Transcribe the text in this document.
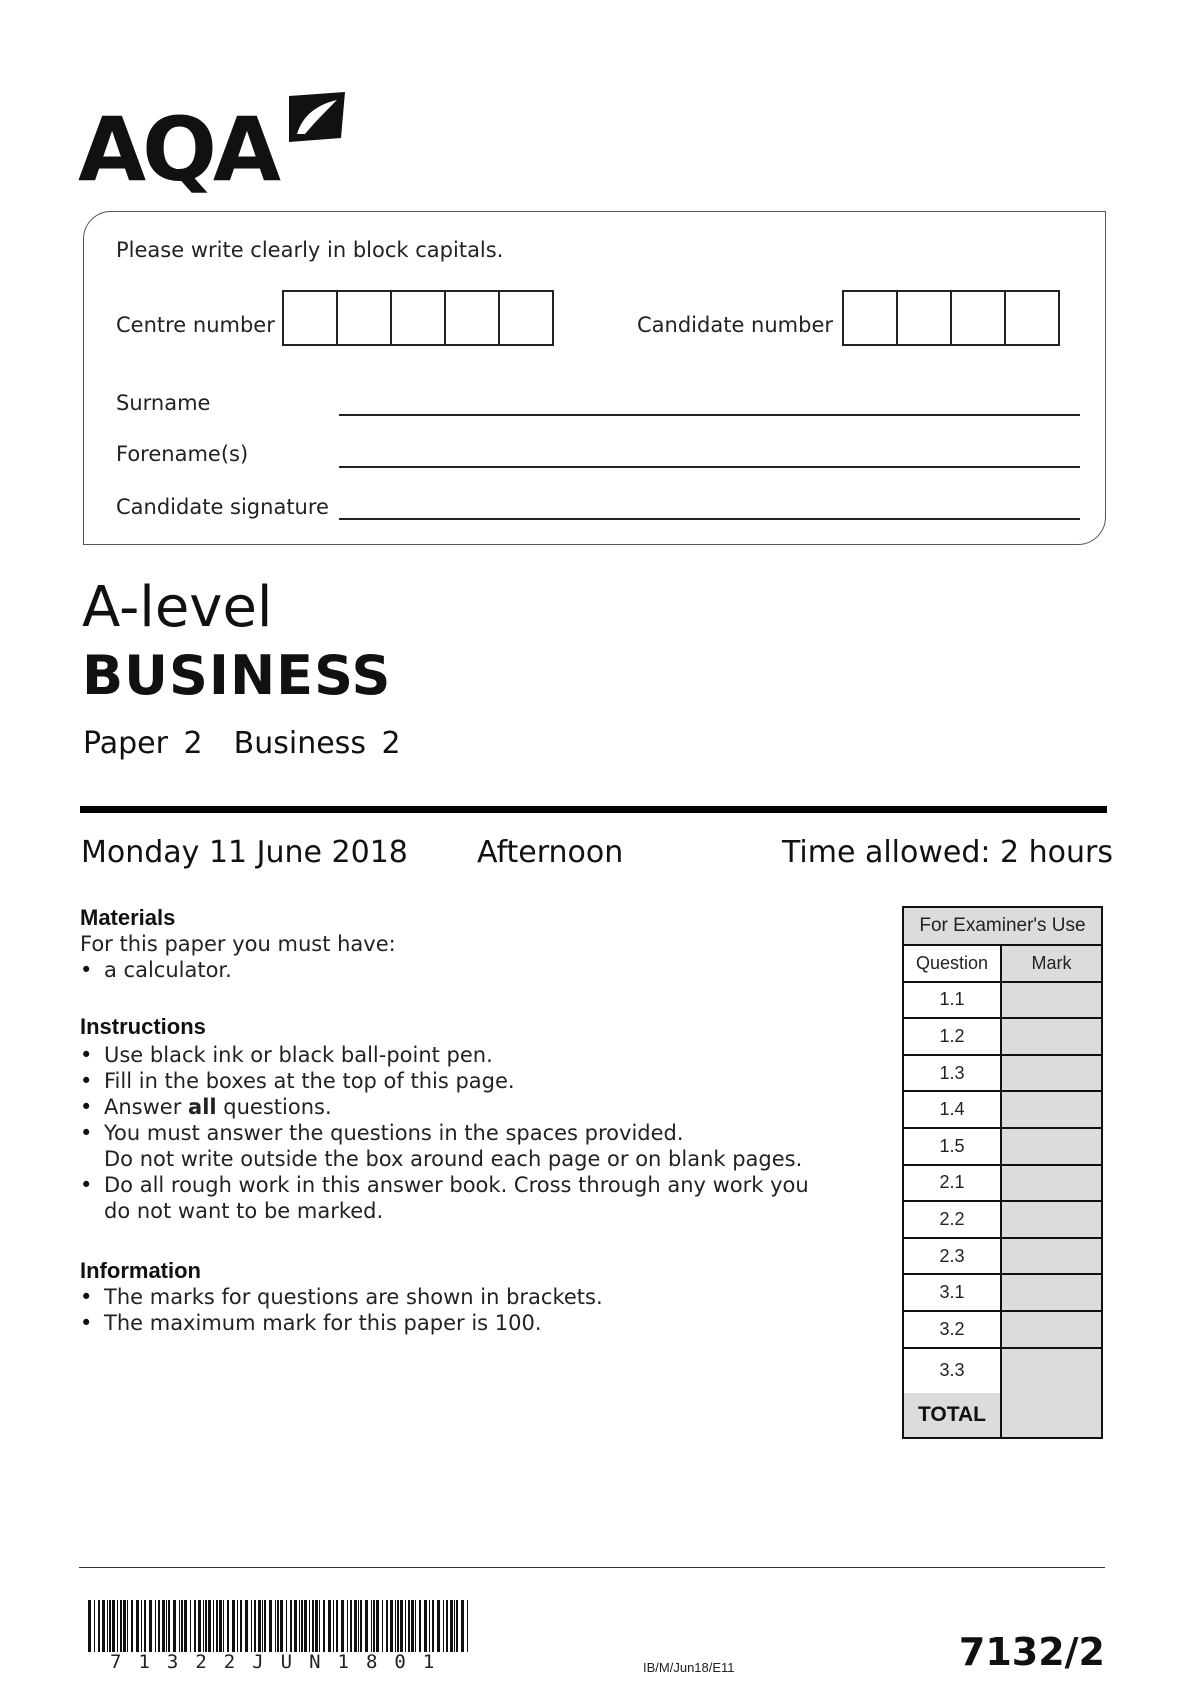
AQA
Please write clearly in block capitals.
Centre number	Candidate number
Surname
Forename(s)
Candidate signature
A-level
BUSINESS
Paper 2  Business 2
Monday 11 June 2018 Afternoon	Time allowed: 2 hours
Materials
For this paper you must have:
• a calculator.
Instructions
• Use black ink or black ball-point pen.
• Fill in the boxes at the top of this page.
• Answer all questions.
• You must answer the questions in the spaces provided.
Do not write outside the box around each page or on blank pages.
• Do all rough work in this answer book. Cross through any work you
do not want to be marked.
Information
• The marks for questions are shown in brackets.
• The maximum mark for this paper is 100.
For Examiner's Use
Question	Mark
1.1
1.2
1.3
1.4
1.5
2.1
2.2
2.3
3.1
3.2
3.3
TOTAL
71322JUN1801	IB/M/Jun18/E11	7132/2
